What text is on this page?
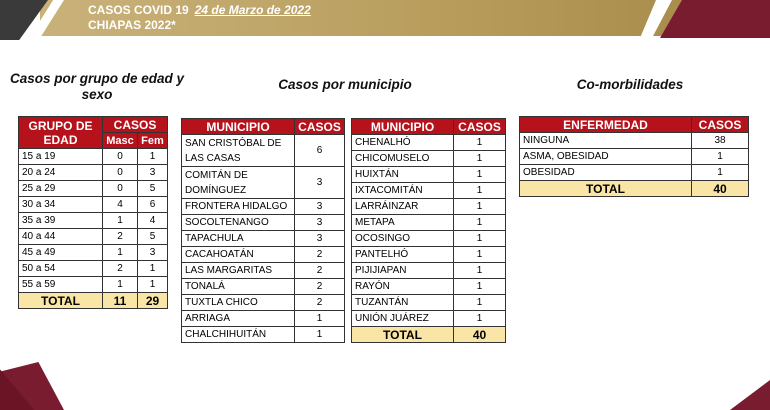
CASOS COVID 19 24 de Marzo de 2022
CHIAPAS 2022*
Casos por grupo de edad y sexo
Casos por municipio	Co-morbilidades
GRUPO DE EDAD	CASOS	
	Masc	Fem
15 a 19	0	1
20 a 24	0	3
25 a 29	0	5
30 a 34	4	6
35 a 39	1	4
40 a 44	2	5
45 a 49	1	3
50 a 54	2	1
55 a 59	1	1
TOTAL	11	29
MUNICIPIO	CASOS
SAN CRISTÓBAL DE LAS CASAS	6
COMITÁN DE DOMÍNGUEZ	3
FRONTERA HIDALGO	3
SOCOLTENANGO	3
TAPACHULA	3
CACAHOATÁN	2
LAS MARGARITAS	2
TONALÁ	2
TUXTLA CHICO	2
ARRIAGA	1
CHALCHIHUITÁN	1
MUNICIPIO	CASOS
CHENALHÓ	1
CHICOMUSELO	1
HUIXTÁN	1
IXTACOMITÁN	1
LARRÁINZAR	1
METAPA	1
OCOSINGO	1
PANTELHÓ	1
PIJIJIAPAN	1
RAYÓN	1
TUZANTÁN	1
UNIÓN JUÁREZ	1
TOTAL	40
ENFERMEDAD	CASOS
NINGUNA	38
ASMA, OBESIDAD	1
OBESIDAD	1
TOTAL	40
